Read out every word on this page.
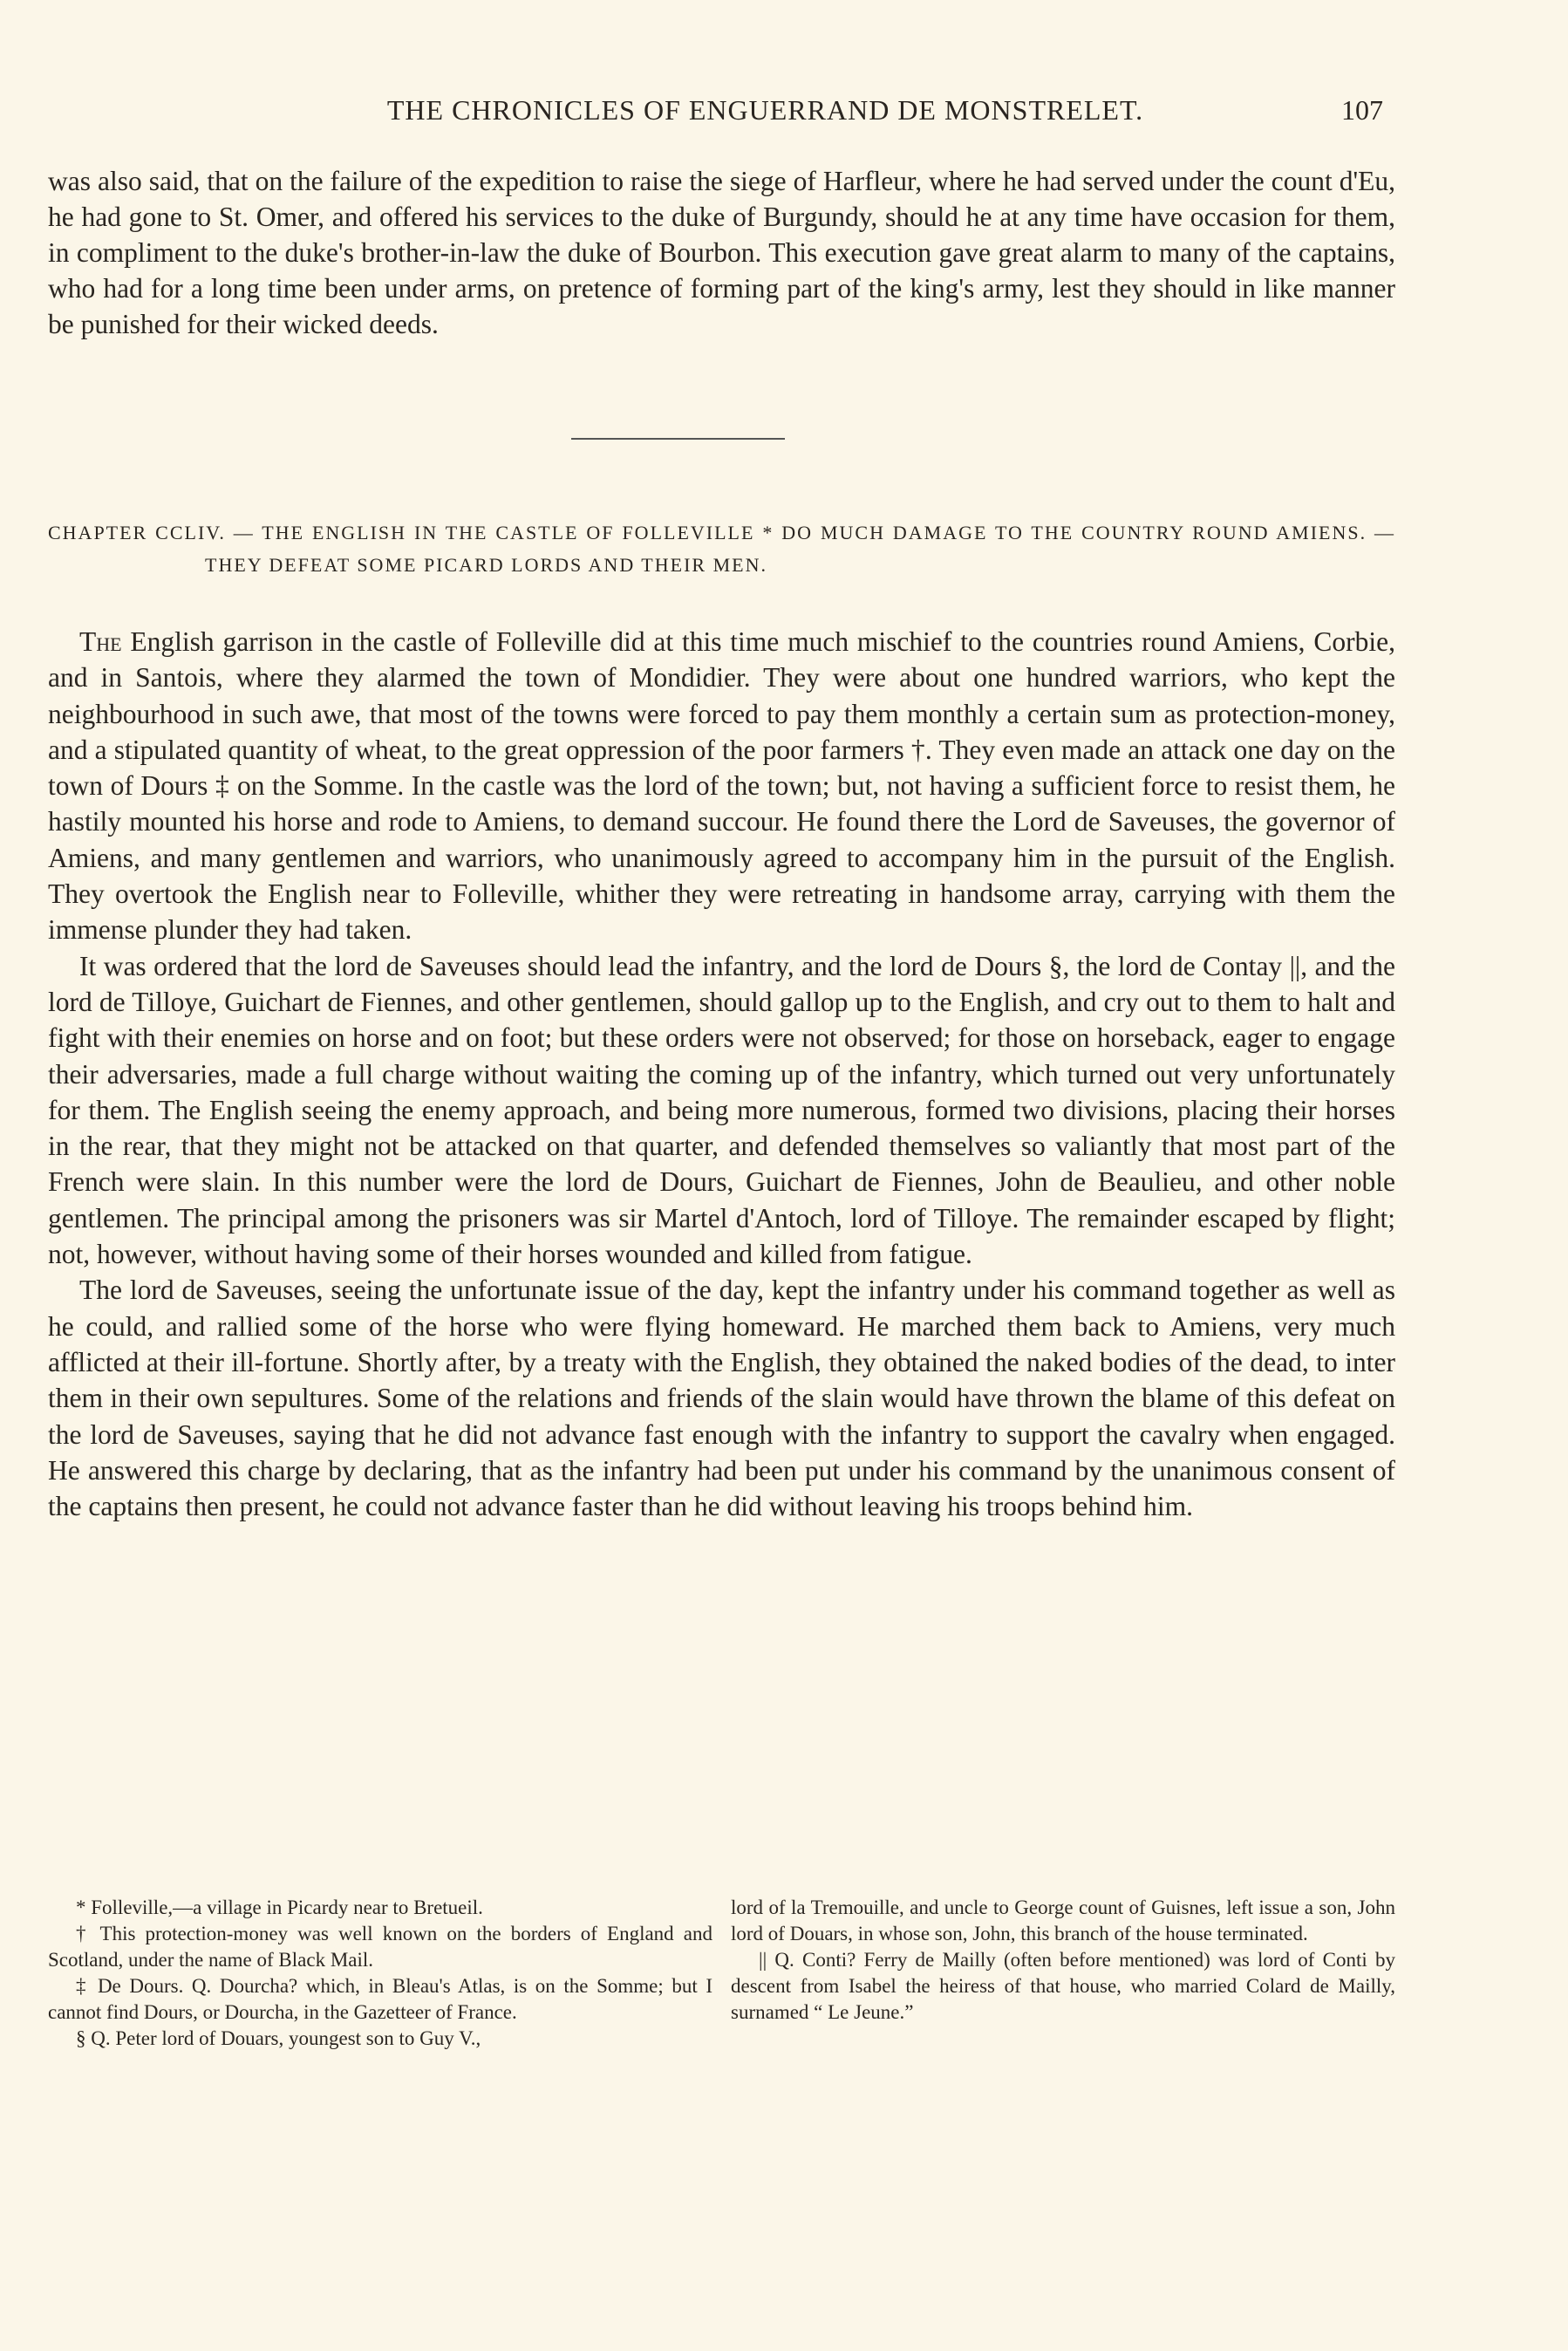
THE CHRONICLES OF ENGUERRAND DE MONSTRELET.	107

was also said, that on the failure of the expedition to raise the siege of Harfleur, where he had served under the count d'Eu, he had gone to St. Omer, and offered his services to the duke of Burgundy, should he at any time have occasion for them, in compliment to the duke's brother-in-law the duke of Bourbon. This execution gave great alarm to many of the captains, who had for a long time been under arms, on pretence of forming part of the king's army, lest they should in like manner be punished for their wicked deeds.

CHAPTER CCLIV. — THE ENGLISH IN THE CASTLE OF FOLLEVILLE * DO MUCH DAMAGE TO THE COUNTRY ROUND AMIENS. — THEY DEFEAT SOME PICARD LORDS AND THEIR MEN.

The English garrison in the castle of Folleville did at this time much mischief to the countries round Amiens, Corbie, and in Santois, where they alarmed the town of Mondidier. They were about one hundred warriors, who kept the neighbourhood in such awe, that most of the towns were forced to pay them monthly a certain sum as protection-money, and a stipulated quantity of wheat, to the great oppression of the poor farmers †. They even made an attack one day on the town of Dours ‡ on the Somme. In the castle was the lord of the town; but, not having a sufficient force to resist them, he hastily mounted his horse and rode to Amiens, to demand succour. He found there the Lord de Saveuses, the governor of Amiens, and many gentlemen and warriors, who unanimously agreed to accompany him in the pursuit of the English. They overtook the English near to Folleville, whither they were retreating in handsome array, carrying with them the immense plunder they had taken.

It was ordered that the lord de Saveuses should lead the infantry, and the lord de Dours §, the lord de Contay ||, and the lord de Tilloye, Guichart de Fiennes, and other gentlemen, should gallop up to the English, and cry out to them to halt and fight with their enemies on horse and on foot; but these orders were not observed; for those on horseback, eager to engage their adversaries, made a full charge without waiting the coming up of the infantry, which turned out very unfortunately for them. The English seeing the enemy approach, and being more numerous, formed two divisions, placing their horses in the rear, that they might not be attacked on that quarter, and defended themselves so valiantly that most part of the French were slain. In this number were the lord de Dours, Guichart de Fiennes, John de Beaulieu, and other noble gentlemen. The principal among the prisoners was sir Martel d'Antoch, lord of Tilloye. The remainder escaped by flight; not, however, without having some of their horses wounded and killed from fatigue.

The lord de Saveuses, seeing the unfortunate issue of the day, kept the infantry under his command together as well as he could, and rallied some of the horse who were flying homeward. He marched them back to Amiens, very much afflicted at their ill-fortune. Shortly after, by a treaty with the English, they obtained the naked bodies of the dead, to inter them in their own sepultures. Some of the relations and friends of the slain would have thrown the blame of this defeat on the lord de Saveuses, saying that he did not advance fast enough with the infantry to support the cavalry when engaged. He answered this charge by declaring, that as the infantry had been put under his command by the unanimous consent of the captains then present, he could not advance faster than he did without leaving his troops behind him.

* Folleville,—a village in Picardy near to Bretueil.

† This protection-money was well known on the borders of England and Scotland, under the name of Black Mail.

‡ De Dours. Q. Dourcha? which, in Bleau's Atlas, is on the Somme; but I cannot find Dours, or Dourcha, in the Gazetteer of France.

§ Q. Peter lord of Douars, youngest son to Guy V.,

lord of la Tremouille, and uncle to George count of Guisnes, left issue a son, John lord of Douars, in whose son, John, this branch of the house terminated.

|| Q. Conti? Ferry de Mailly (often before mentioned) was lord of Conti by descent from Isabel the heiress of that house, who married Colard de Mailly, surnamed “ Le Jeune.”
